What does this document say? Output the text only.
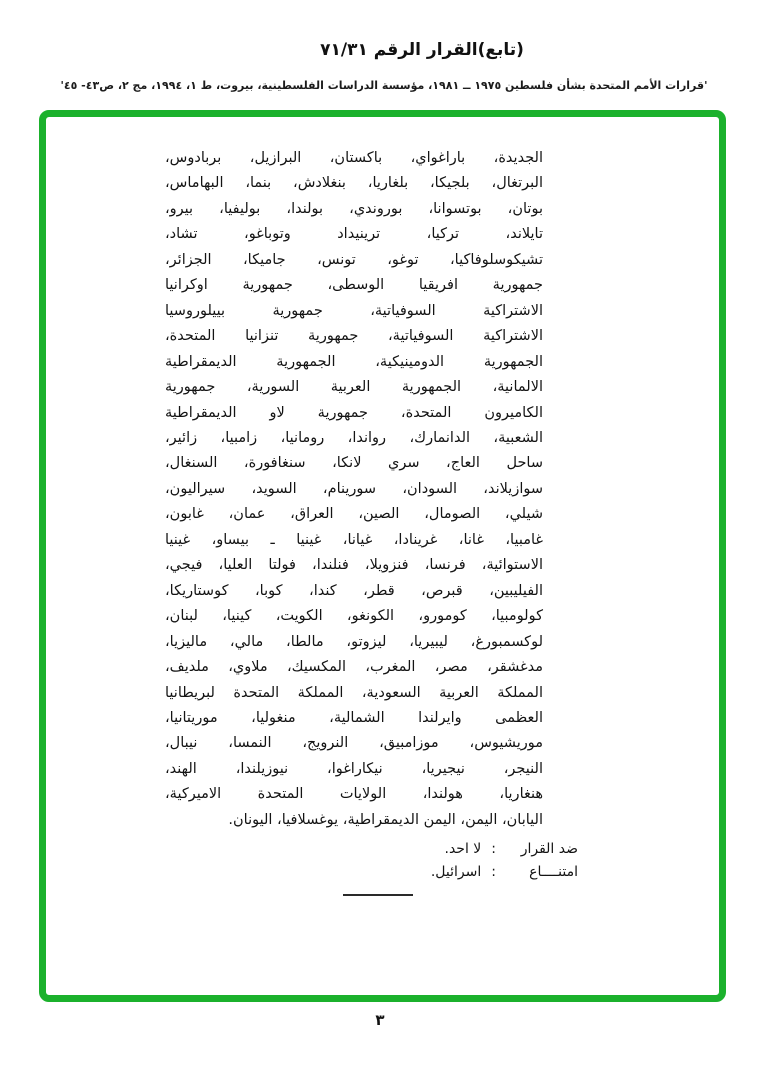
(تابع)القرار الرقم ٧١/٣١
'قرارات الأمم المتحدة بشأن فلسطين ١٩٧٥ ــ ١٩٨١، مؤسسة الدراسات الفلسطينية، بيروت، ط ١، ١٩٩٤، مج ٢، ص٤٣- ٤٥'
الجديدة، باراغواي، باكستان، البرازيل، بربادوس،
البرتغال، بلجيكا، بلغاريا، بنغلادش، بنما، البهاماس،
بوتان، بوتسوانا، بوروندي، بولندا، بوليفيا، بيرو،
تايلاند، تركيا، ترينيداد وتوباغو، تشاد،
تشيكوسلوفاكيا، توغو، تونس، جاميكا، الجزائر،
جمهورية افريقيا الوسطى، جمهورية اوكرانيا
الاشتراكية السوفياتية، جمهورية بييلوروسيا
الاشتراكية السوفياتية، جمهورية تنزانيا المتحدة،
الجمهورية الدومينيكية، الجمهورية الديمقراطية
الالمانية، الجمهورية العربية السورية، جمهورية
الكاميرون المتحدة، جمهورية لاو الديمقراطية
الشعبية، الدانمارك، رواندا، رومانيا، زامبيا، زائير،
ساحل العاج، سري لانكا، سنغافورة، السنغال،
سوازيلاند، السودان، سورينام، السويد، سيراليون،
شيلي، الصومال، الصين، العراق، عمان، غابون،
غامبيا، غانا، غرينادا، غيانا، غينيا ـ بيساو، غينيا
الاستوائية، فرنسا، فنزويلا، فنلندا، فولتا العليا، فيجي،
الفيليبين، قبرص، قطر، كندا، كوبا، كوستاريكا،
كولومبيا، كومورو، الكونغو، الكويت، كينيا، لبنان،
لوكسمبورغ، ليبيريا، ليزوتو، مالطا، مالي، ماليزيا،
مدغشقر، مصر، المغرب، المكسيك، ملاوي، ملديف،
المملكة العربية السعودية، المملكة المتحدة لبريطانيا
العظمى وايرلندا الشمالية، منغوليا، موريتانيا،
موريشيوس، موزامبيق، النرويج، النمسا، نيبال،
النيجر، نيجيريا، نيكاراغوا، نيوزيلندا، الهند،
هنغاريا، هولندا، الولايات المتحدة الاميركية،
اليابان، اليمن، اليمن الديمقراطية، يوغسلافيا، اليونان.
ضد القرار
:
لا احد.
امتنــــاع
:
اسرائيل.
٣
